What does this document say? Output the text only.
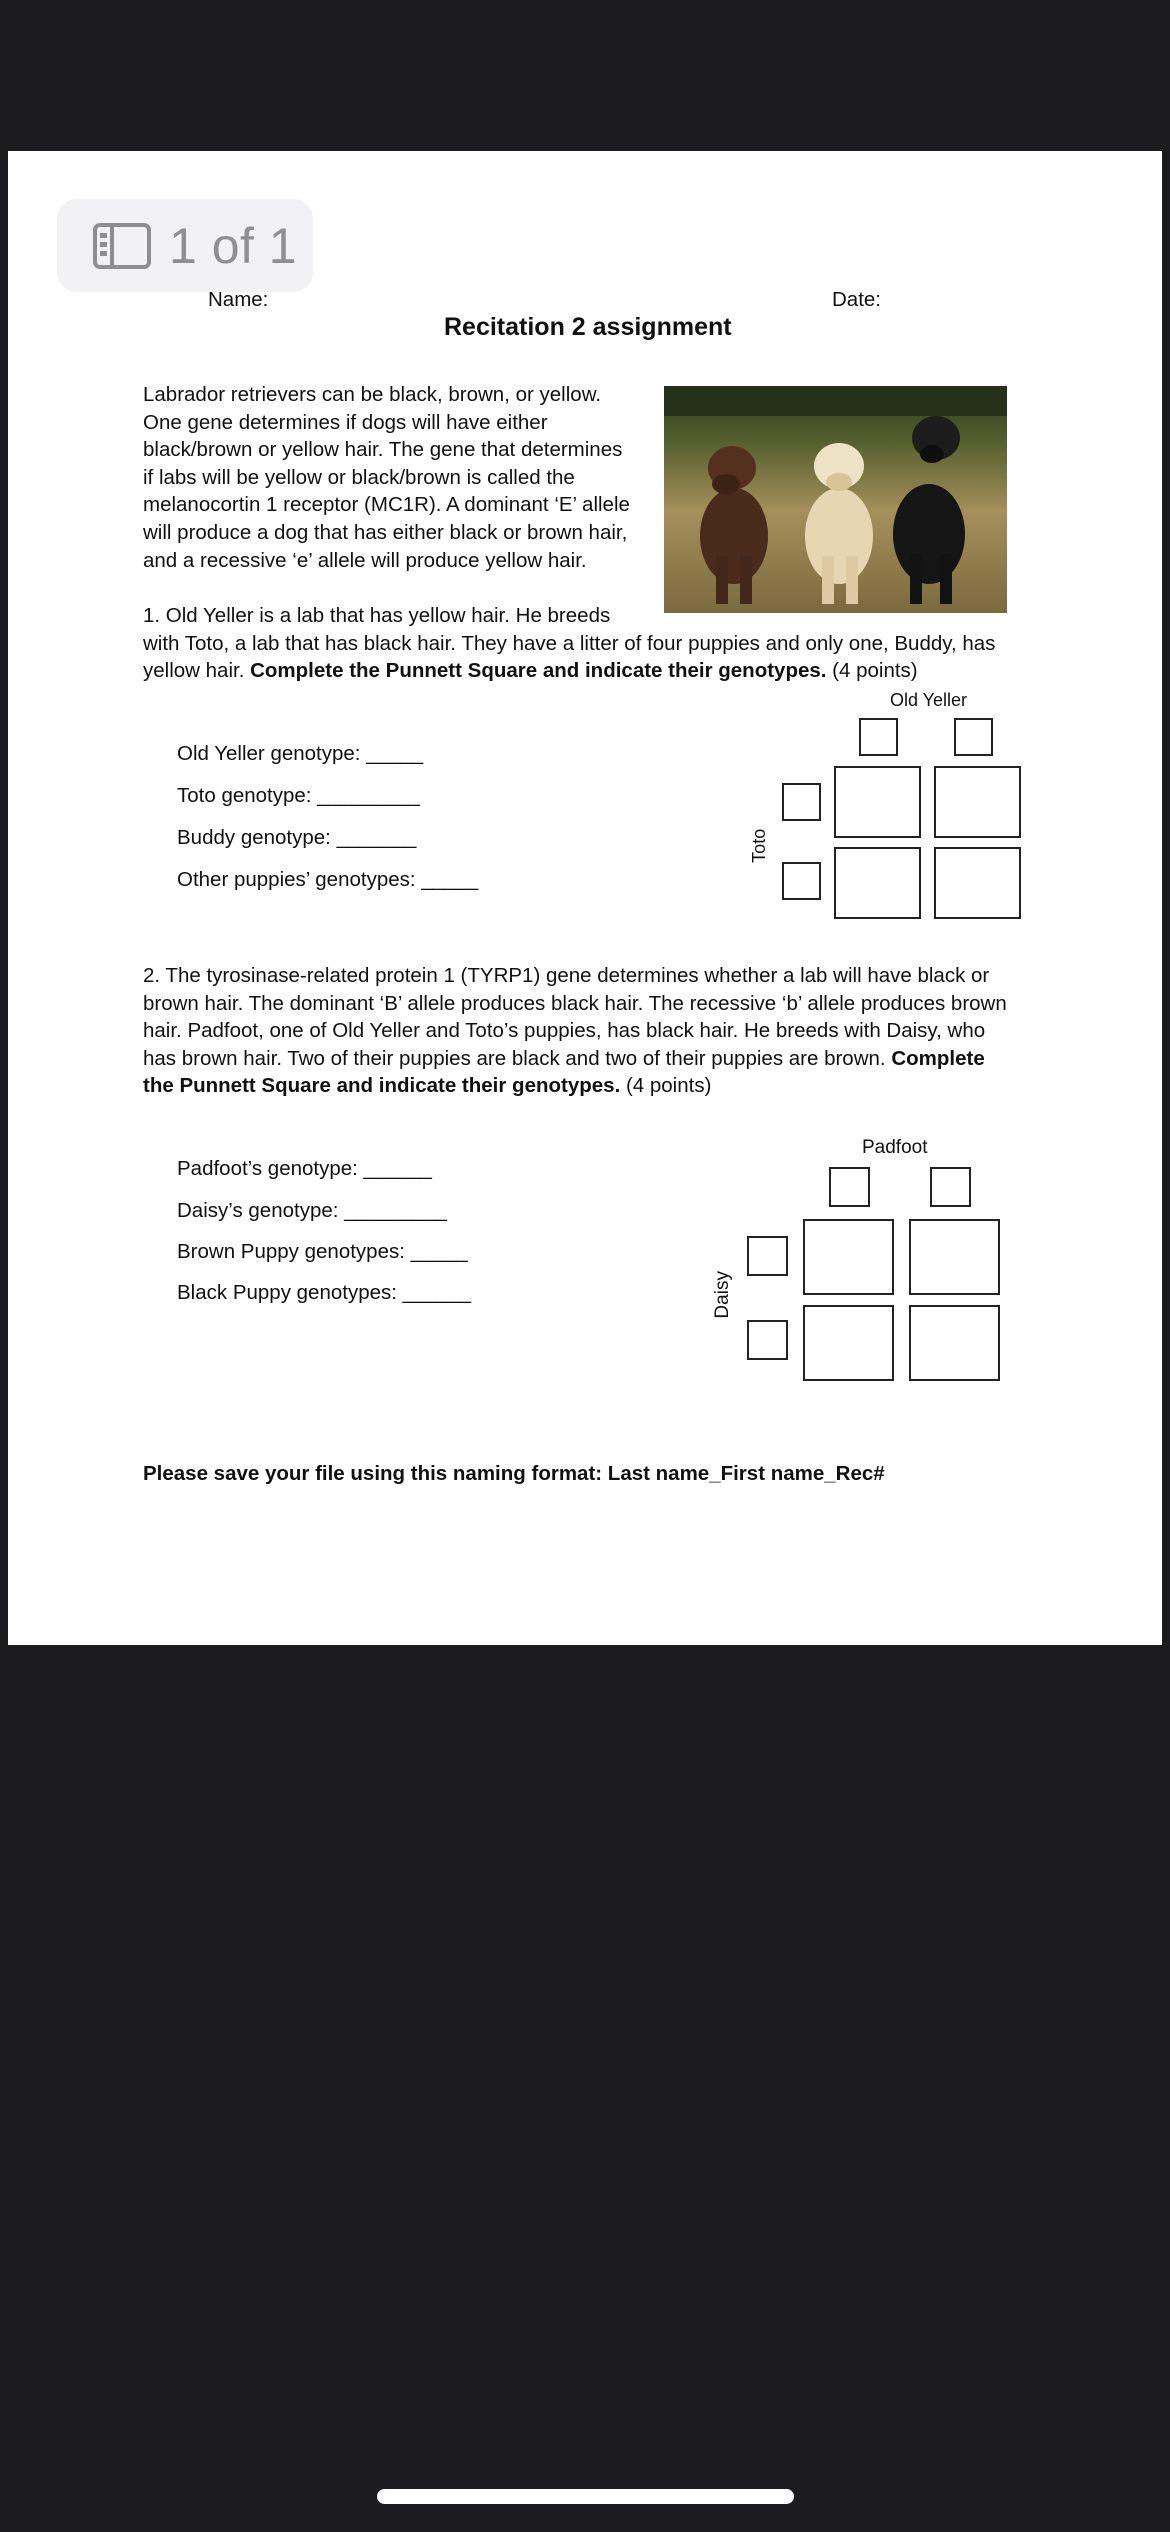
1 of 1
Name:	Date:
Recitation 2 assignment
Labrador retrievers can be black, brown, or yellow.
One gene determines if dogs will have either
black/brown or yellow hair. The gene that determines
if labs will be yellow or black/brown is called the
melanocortin 1 receptor (MC1R). A dominant ‘E’ allele
will produce a dog that has either black or brown hair,
and a recessive ‘e’ allele will produce yellow hair.
1. Old Yeller is a lab that has yellow hair. He breeds
with Toto, a lab that has black hair. They have a litter of four puppies and only one, Buddy, has
yellow hair. Complete the Punnett Square and indicate their genotypes. (4 points)
Old Yeller genotype: _____
Toto genotype: _________
Buddy genotype: _______
Other puppies’ genotypes: _____
Old Yeller
Toto
2. The tyrosinase-related protein 1 (TYRP1) gene determines whether a lab will have black or
brown hair. The dominant ‘B’ allele produces black hair. The recessive ‘b’ allele produces brown
hair. Padfoot, one of Old Yeller and Toto’s puppies, has black hair. He breeds with Daisy, who
has brown hair. Two of their puppies are black and two of their puppies are brown. Complete
the Punnett Square and indicate their genotypes. (4 points)
Padfoot’s genotype: ______
Daisy’s genotype: _________
Brown Puppy genotypes: _____
Black Puppy genotypes: ______
Padfoot
Daisy
Please save your file using this naming format: Last name_First name_Rec#
